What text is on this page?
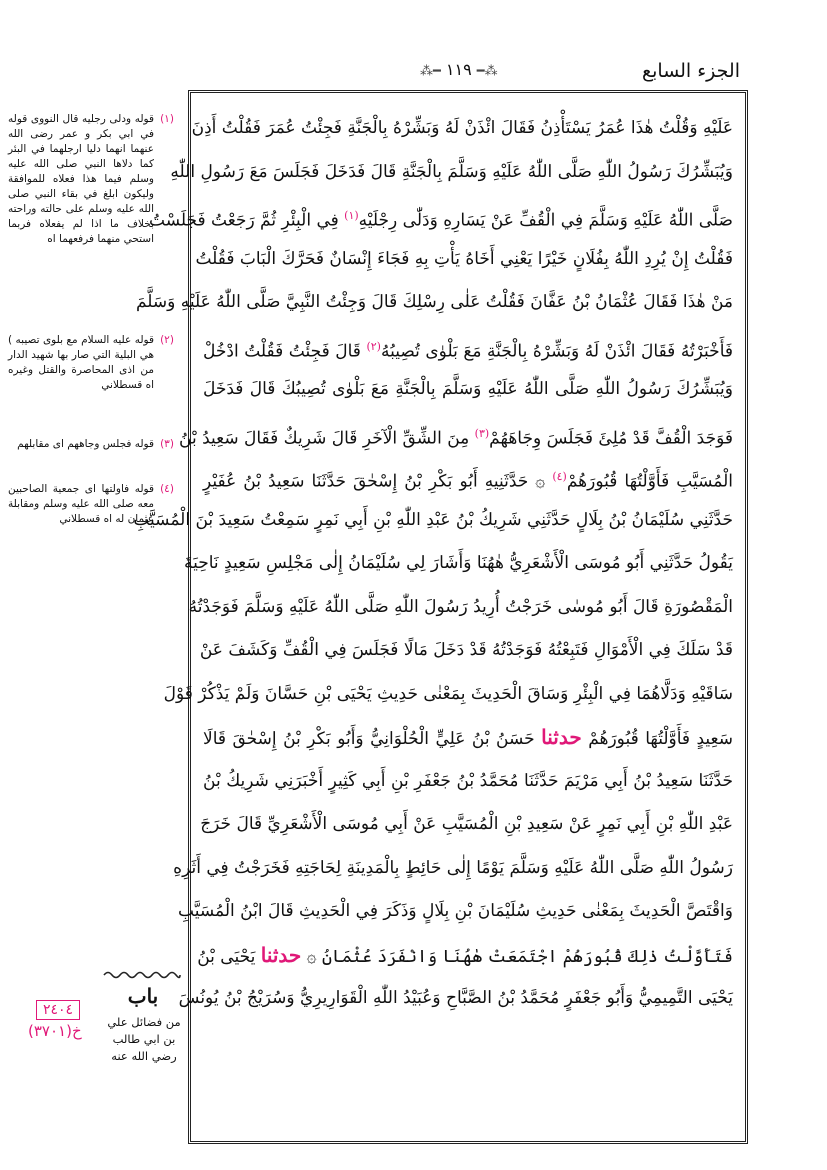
الجزء السابع
⁂━ ١١٩ ━⁂
عَلَيْهِ وَقُلْتُ هٰذَا عُمَرُ يَسْتَأْذِنُ فَقَالَ ائْذَنْ لَهُ وَبَشِّرْهُ بِالْجَنَّةِ فَجِئْتُ عُمَرَ فَقُلْتُ أَذِنَ
وَيُبَشِّرُكَ رَسُولُ اللّٰهِ صَلَّى اللّٰهُ عَلَيْهِ وَسَلَّمَ بِالْجَنَّةِ قَالَ فَدَخَلَ فَجَلَسَ مَعَ رَسُولِ اللّٰهِ
صَلَّى اللّٰهُ عَلَيْهِ وَسَلَّمَ فِي الْقُفِّ عَنْ يَسَارِهِ وَدَلّٰى رِجْلَيْهِ$^{(١)}$ فِي الْبِئْرِ ثُمَّ رَجَعْتُ فَجَلَسْتُ
فَقُلْتُ إِنْ يُرِدِ اللّٰهُ بِفُلَانٍ خَيْرًا يَعْنِي أَخَاهُ يَأْتِ بِهِ فَجَاءَ إِنْسَانٌ فَحَرَّكَ الْبَابَ فَقُلْتُ
مَنْ هٰذَا فَقَالَ عُثْمَانُ بْنُ عَفَّانَ فَقُلْتُ عَلٰى رِسْلِكَ قَالَ وَجِئْتُ النَّبِيَّ صَلَّى اللّٰهُ عَلَيْهِ وَسَلَّمَ
فَأَخْبَرْتُهُ فَقَالَ ائْذَنْ لَهُ وَبَشِّرْهُ بِالْجَنَّةِ مَعَ بَلْوٰى تُصِيبُهُ$^{(٢)}$ قَالَ فَجِئْتُ فَقُلْتُ ادْخُلْ
وَيُبَشِّرُكَ رَسُولُ اللّٰهِ صَلَّى اللّٰهُ عَلَيْهِ وَسَلَّمَ بِالْجَنَّةِ مَعَ بَلْوٰى تُصِيبُكَ قَالَ فَدَخَلَ
فَوَجَدَ الْقُفَّ قَدْ مُلِئَ فَجَلَسَ وِجَاهَهُمْ$^{(٣)}$ مِنَ الشِّقِّ الْآخَرِ قَالَ شَرِيكٌ فَقَالَ سَعِيدُ بْنُ
الْمُسَيَّبِ فَأَوَّلْتُهَا قُبُورَهُمْ$^{(٤)}$ ۞ حَدَّثَنِيهِ أَبُو بَكْرِ بْنُ إِسْحٰقَ حَدَّثَنَا سَعِيدُ بْنُ عُفَيْرٍ
حَدَّثَنِي سُلَيْمَانُ بْنُ بِلَالٍ حَدَّثَنِي شَرِيكُ بْنُ عَبْدِ اللّٰهِ بْنِ أَبِي نَمِرٍ سَمِعْتُ سَعِيدَ بْنَ الْمُسَيَّبِ
يَقُولُ حَدَّثَنِي أَبُو مُوسَى الْأَشْعَرِيُّ هٰهُنَا وَأَشَارَ لِي سُلَيْمَانُ إِلٰى مَجْلِسِ سَعِيدٍ نَاحِيَةَ
الْمَقْصُورَةِ قَالَ أَبُو مُوسٰى خَرَجْتُ أُرِيدُ رَسُولَ اللّٰهِ صَلَّى اللّٰهُ عَلَيْهِ وَسَلَّمَ فَوَجَدْتُهُ
قَدْ سَلَكَ فِي الْأَمْوَالِ فَتَبِعْتُهُ فَوَجَدْتُهُ قَدْ دَخَلَ مَالًا فَجَلَسَ فِي الْقُفِّ وَكَشَفَ عَنْ
سَاقَيْهِ وَدَلَّاهُمَا فِي الْبِئْرِ وَسَاقَ الْحَدِيثَ بِمَعْنٰى حَدِيثِ يَحْيَى بْنِ حَسَّانَ وَلَمْ يَذْكُرْ قَوْلَ
سَعِيدٍ فَأَوَّلْتُهَا قُبُورَهُمْ حدثنا حَسَنُ بْنُ عَلِيٍّ الْحُلْوَانِيُّ وَأَبُو بَكْرِ بْنُ إِسْحٰقَ قَالَا
حَدَّثَنَا سَعِيدُ بْنُ أَبِي مَرْيَمَ حَدَّثَنَا مُحَمَّدُ بْنُ جَعْفَرِ بْنِ أَبِي كَثِيرٍ أَخْبَرَنِي شَرِيكُ بْنُ
عَبْدِ اللّٰهِ بْنِ أَبِي نَمِرٍ عَنْ سَعِيدِ بْنِ الْمُسَيَّبِ عَنْ أَبِي مُوسَى الْأَشْعَرِيِّ قَالَ خَرَجَ
رَسُولُ اللّٰهِ صَلَّى اللّٰهُ عَلَيْهِ وَسَلَّمَ يَوْمًا إِلٰى حَائِطٍ بِالْمَدِينَةِ لِحَاجَتِهِ فَخَرَجْتُ فِي أَثَرِهِ
وَاقْتَصَّ الْحَدِيثَ بِمَعْنٰى حَدِيثِ سُلَيْمَانَ بْنِ بِلَالٍ وَذَكَرَ فِي الْحَدِيثِ قَالَ ابْنُ الْمُسَيَّبِ
فَتَأَوَّلْتُ ذٰلِكَ قُبُورَهُمْ اجْتَمَعَتْ هٰهُنَا وَانْفَرَدَ عُثْمَانُ ۞ حدثنا يَحْيَى بْنُ
يَحْيَى التَّمِيمِيُّ وَأَبُو جَعْفَرٍ مُحَمَّدُ بْنُ الصَّبَّاحِ وَعُبَيْدُ اللّٰهِ الْقَوَارِيرِيُّ وَسُرَيْجُ بْنُ يُونُسَ
(١)
قوله ودلى رجليه قال النووى قوله في ابي بكر و عمر رضى الله عنهما انهما دليا ارجلهما في البئر كما دلاها النبي صلى الله عليه وسلم فيما هذا فعلاه للموافقة وليكون ابلغ في بقاء النبي صلى الله عليه وسلم على حالته وراحته بخلاف ما اذا لم يفعلاه فربما استحي منهما فرفعهما اه
(٢)
قوله عليه السلام مع بلوى تصيبه ) هي البلية التي صار بها شهيد الدار من اذى المحاصرة والقتل وغيره اه قسطلاني
(٣)
قوله فجلس وجاههم اى مقابلهم
(٤)
قوله فاولتها اى جمعية الصاحبين معه صلى الله عليه وسلم ومقابلة عثمان له اه قسطلاني
باب
من فضائل علي بن ابي طالب رضي الله عنه
٢٤٠٤
خ(٣٧٠١)
